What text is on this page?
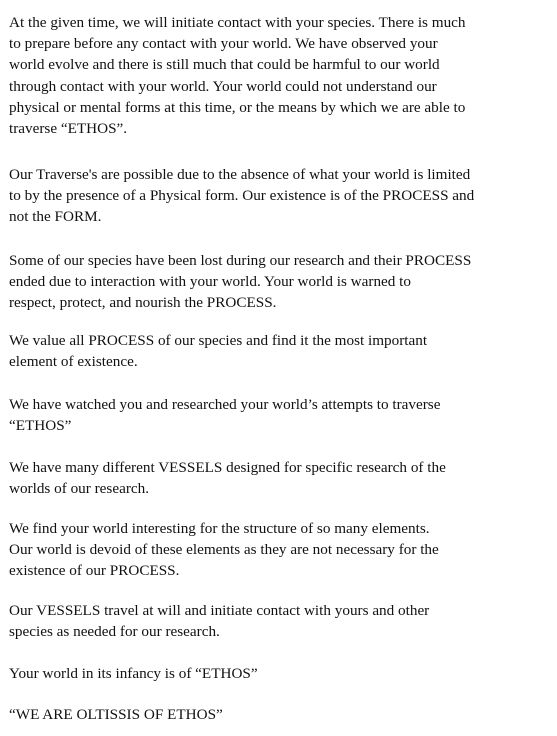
At the given time, we will initiate contact with your species. There is much
to prepare before any contact with your world. We have observed your
world evolve and there is still much that could be harmful to our world
through contact with your world. Your world could not understand our
physical or mental forms at this time, or the means by which we are able to
traverse “ETHOS”.

Our Traverse's are possible due to the absence of what your world is limited
to by the presence of a Physical form. Our existence is of the PROCESS and
not the FORM.

Some of our species have been lost during our research and their PROCESS
ended due to interaction with your world. Your world is warned to
respect, protect, and nourish the PROCESS.

We value all PROCESS of our species and find it the most important
element of existence.

We have watched you and researched your world’s attempts to traverse
“ETHOS”

We have many different VESSELS designed for specific research of the
worlds of our research.

We find your world interesting for the structure of so many elements.
Our world is devoid of these elements as they are not necessary for the
existence of our PROCESS.

Our VESSELS travel at will and initiate contact with yours and other
species as needed for our research.

Your world in its infancy is of “ETHOS”

“WE ARE OLTISSIS OF ETHOS”
